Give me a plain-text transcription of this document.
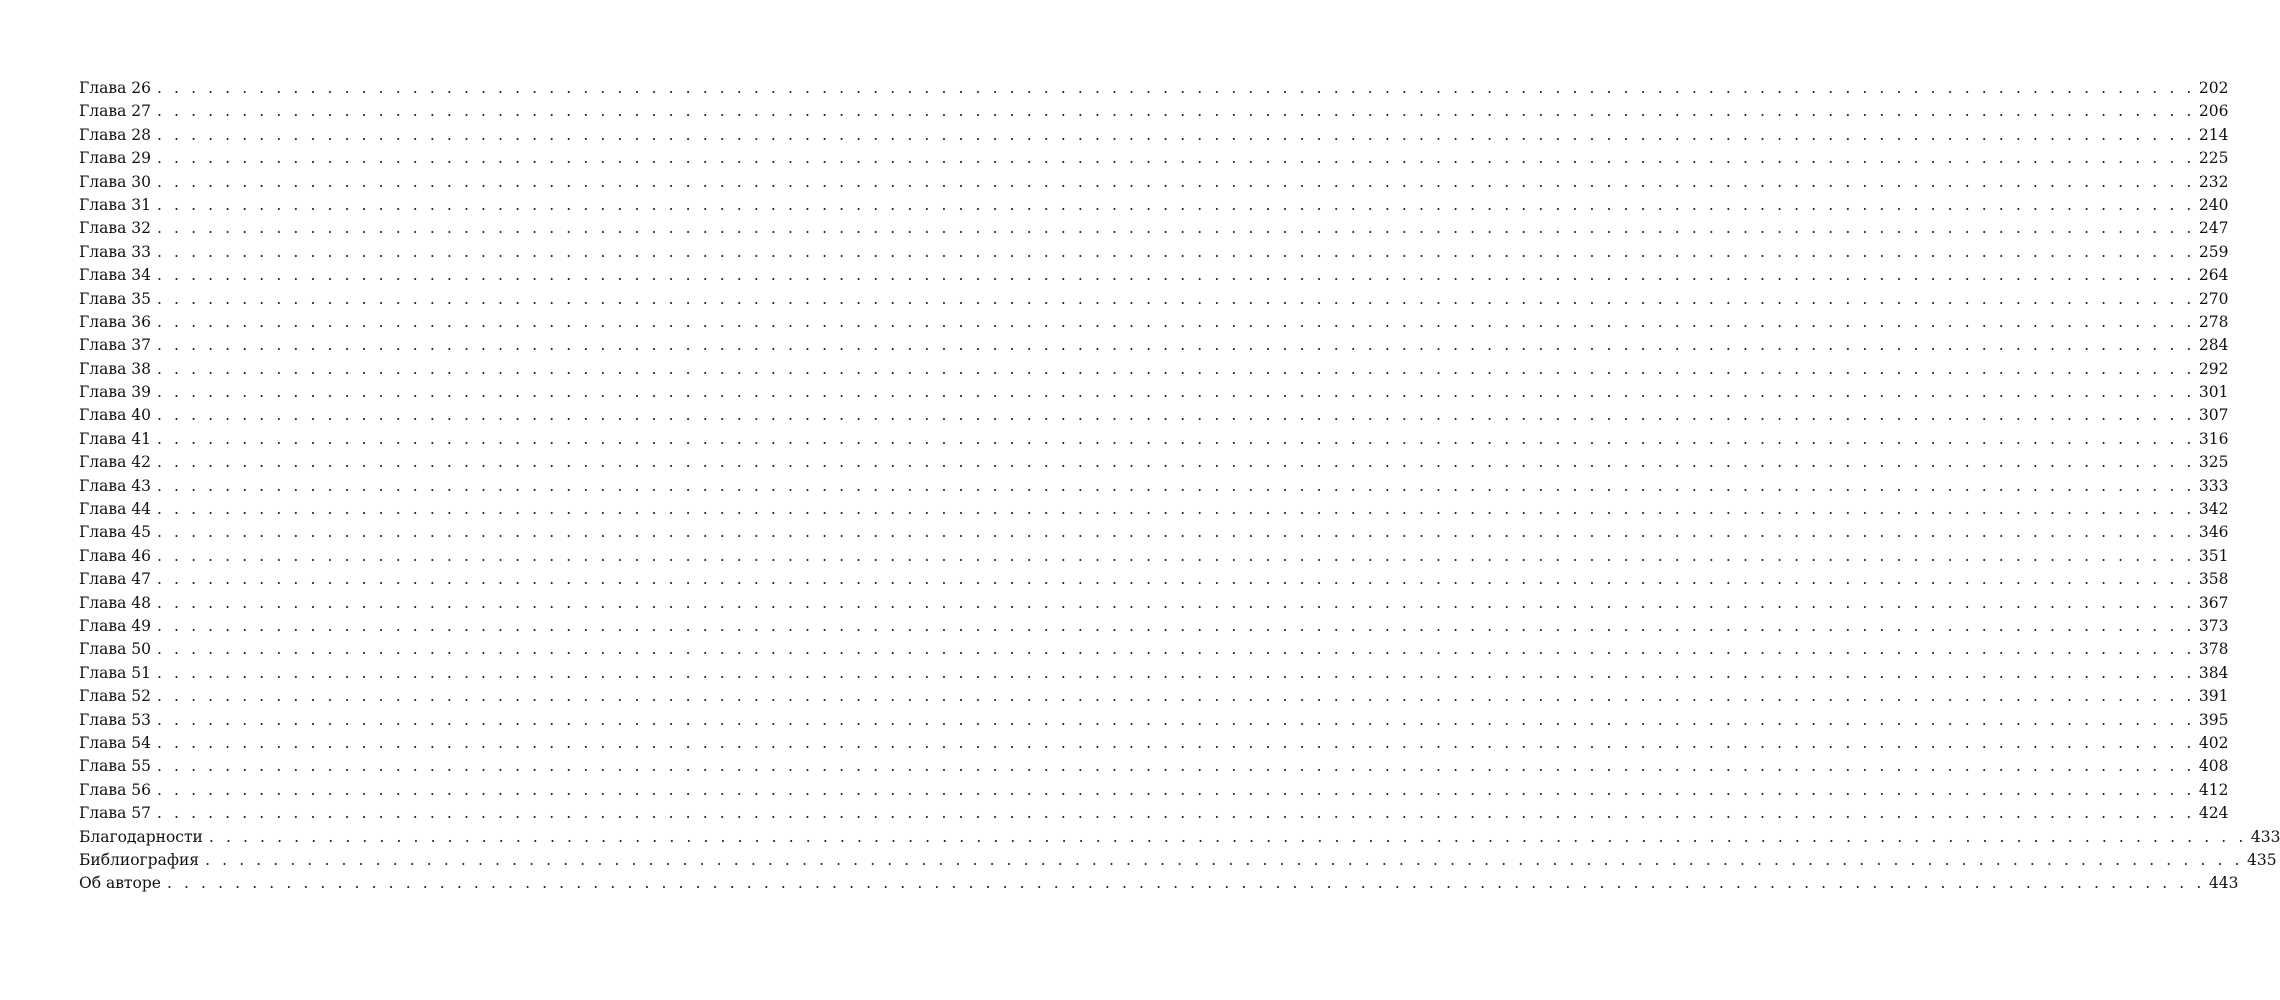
Глава 26 . . . . . . . . . . . . . . . . . . . . . . . . . . . . . . . . . . . . . . . . . . . . . . . . . . . . . . . . . . . . . . . . . . . . . . . . . . . . . . . . . . . . . . . . . . . . . . . . . . . . . . . . . . . . . . . . . . . . . . . . 202
Глава 27 . . . . . . . . . . . . . . . . . . . . . . . . . . . . . . . . . . . . . . . . . . . . . . . . . . . . . . . . . . . . . . . . . . . . . . . . . . . . . . . . . . . . . . . . . . . . . . . . . . . . . . . . . . . . . . . . . . . . . . . . 206
Глава 28 . . . . . . . . . . . . . . . . . . . . . . . . . . . . . . . . . . . . . . . . . . . . . . . . . . . . . . . . . . . . . . . . . . . . . . . . . . . . . . . . . . . . . . . . . . . . . . . . . . . . . . . . . . . . . . . . . . . . . . . . 214
Глава 29 . . . . . . . . . . . . . . . . . . . . . . . . . . . . . . . . . . . . . . . . . . . . . . . . . . . . . . . . . . . . . . . . . . . . . . . . . . . . . . . . . . . . . . . . . . . . . . . . . . . . . . . . . . . . . . . . . . . . . . . . 225
Глава 30 . . . . . . . . . . . . . . . . . . . . . . . . . . . . . . . . . . . . . . . . . . . . . . . . . . . . . . . . . . . . . . . . . . . . . . . . . . . . . . . . . . . . . . . . . . . . . . . . . . . . . . . . . . . . . . . . . . . . . . . . 232
Глава 31 . . . . . . . . . . . . . . . . . . . . . . . . . . . . . . . . . . . . . . . . . . . . . . . . . . . . . . . . . . . . . . . . . . . . . . . . . . . . . . . . . . . . . . . . . . . . . . . . . . . . . . . . . . . . . . . . . . . . . . . . 240
Глава 32 . . . . . . . . . . . . . . . . . . . . . . . . . . . . . . . . . . . . . . . . . . . . . . . . . . . . . . . . . . . . . . . . . . . . . . . . . . . . . . . . . . . . . . . . . . . . . . . . . . . . . . . . . . . . . . . . . . . . . . . . 247
Глава 33 . . . . . . . . . . . . . . . . . . . . . . . . . . . . . . . . . . . . . . . . . . . . . . . . . . . . . . . . . . . . . . . . . . . . . . . . . . . . . . . . . . . . . . . . . . . . . . . . . . . . . . . . . . . . . . . . . . . . . . . . 259
Глава 34 . . . . . . . . . . . . . . . . . . . . . . . . . . . . . . . . . . . . . . . . . . . . . . . . . . . . . . . . . . . . . . . . . . . . . . . . . . . . . . . . . . . . . . . . . . . . . . . . . . . . . . . . . . . . . . . . . . . . . . . . 264
Глава 35 . . . . . . . . . . . . . . . . . . . . . . . . . . . . . . . . . . . . . . . . . . . . . . . . . . . . . . . . . . . . . . . . . . . . . . . . . . . . . . . . . . . . . . . . . . . . . . . . . . . . . . . . . . . . . . . . . . . . . . . . 270
Глава 36 . . . . . . . . . . . . . . . . . . . . . . . . . . . . . . . . . . . . . . . . . . . . . . . . . . . . . . . . . . . . . . . . . . . . . . . . . . . . . . . . . . . . . . . . . . . . . . . . . . . . . . . . . . . . . . . . . . . . . . . . 278
Глава 37 . . . . . . . . . . . . . . . . . . . . . . . . . . . . . . . . . . . . . . . . . . . . . . . . . . . . . . . . . . . . . . . . . . . . . . . . . . . . . . . . . . . . . . . . . . . . . . . . . . . . . . . . . . . . . . . . . . . . . . . . 284
Глава 38 . . . . . . . . . . . . . . . . . . . . . . . . . . . . . . . . . . . . . . . . . . . . . . . . . . . . . . . . . . . . . . . . . . . . . . . . . . . . . . . . . . . . . . . . . . . . . . . . . . . . . . . . . . . . . . . . . . . . . . . . 292
Глава 39 . . . . . . . . . . . . . . . . . . . . . . . . . . . . . . . . . . . . . . . . . . . . . . . . . . . . . . . . . . . . . . . . . . . . . . . . . . . . . . . . . . . . . . . . . . . . . . . . . . . . . . . . . . . . . . . . . . . . . . . . 301
Глава 40 . . . . . . . . . . . . . . . . . . . . . . . . . . . . . . . . . . . . . . . . . . . . . . . . . . . . . . . . . . . . . . . . . . . . . . . . . . . . . . . . . . . . . . . . . . . . . . . . . . . . . . . . . . . . . . . . . . . . . . . . 307
Глава 41 . . . . . . . . . . . . . . . . . . . . . . . . . . . . . . . . . . . . . . . . . . . . . . . . . . . . . . . . . . . . . . . . . . . . . . . . . . . . . . . . . . . . . . . . . . . . . . . . . . . . . . . . . . . . . . . . . . . . . . . . 316
Глава 42 . . . . . . . . . . . . . . . . . . . . . . . . . . . . . . . . . . . . . . . . . . . . . . . . . . . . . . . . . . . . . . . . . . . . . . . . . . . . . . . . . . . . . . . . . . . . . . . . . . . . . . . . . . . . . . . . . . . . . . . . 325
Глава 43 . . . . . . . . . . . . . . . . . . . . . . . . . . . . . . . . . . . . . . . . . . . . . . . . . . . . . . . . . . . . . . . . . . . . . . . . . . . . . . . . . . . . . . . . . . . . . . . . . . . . . . . . . . . . . . . . . . . . . . . . 333
Глава 44 . . . . . . . . . . . . . . . . . . . . . . . . . . . . . . . . . . . . . . . . . . . . . . . . . . . . . . . . . . . . . . . . . . . . . . . . . . . . . . . . . . . . . . . . . . . . . . . . . . . . . . . . . . . . . . . . . . . . . . . . 342
Глава 45 . . . . . . . . . . . . . . . . . . . . . . . . . . . . . . . . . . . . . . . . . . . . . . . . . . . . . . . . . . . . . . . . . . . . . . . . . . . . . . . . . . . . . . . . . . . . . . . . . . . . . . . . . . . . . . . . . . . . . . . . 346
Глава 46 . . . . . . . . . . . . . . . . . . . . . . . . . . . . . . . . . . . . . . . . . . . . . . . . . . . . . . . . . . . . . . . . . . . . . . . . . . . . . . . . . . . . . . . . . . . . . . . . . . . . . . . . . . . . . . . . . . . . . . . . 351
Глава 47 . . . . . . . . . . . . . . . . . . . . . . . . . . . . . . . . . . . . . . . . . . . . . . . . . . . . . . . . . . . . . . . . . . . . . . . . . . . . . . . . . . . . . . . . . . . . . . . . . . . . . . . . . . . . . . . . . . . . . . . . 358
Глава 48 . . . . . . . . . . . . . . . . . . . . . . . . . . . . . . . . . . . . . . . . . . . . . . . . . . . . . . . . . . . . . . . . . . . . . . . . . . . . . . . . . . . . . . . . . . . . . . . . . . . . . . . . . . . . . . . . . . . . . . . . 367
Глава 49 . . . . . . . . . . . . . . . . . . . . . . . . . . . . . . . . . . . . . . . . . . . . . . . . . . . . . . . . . . . . . . . . . . . . . . . . . . . . . . . . . . . . . . . . . . . . . . . . . . . . . . . . . . . . . . . . . . . . . . . . 373
Глава 50 . . . . . . . . . . . . . . . . . . . . . . . . . . . . . . . . . . . . . . . . . . . . . . . . . . . . . . . . . . . . . . . . . . . . . . . . . . . . . . . . . . . . . . . . . . . . . . . . . . . . . . . . . . . . . . . . . . . . . . . . 378
Глава 51 . . . . . . . . . . . . . . . . . . . . . . . . . . . . . . . . . . . . . . . . . . . . . . . . . . . . . . . . . . . . . . . . . . . . . . . . . . . . . . . . . . . . . . . . . . . . . . . . . . . . . . . . . . . . . . . . . . . . . . . . 384
Глава 52 . . . . . . . . . . . . . . . . . . . . . . . . . . . . . . . . . . . . . . . . . . . . . . . . . . . . . . . . . . . . . . . . . . . . . . . . . . . . . . . . . . . . . . . . . . . . . . . . . . . . . . . . . . . . . . . . . . . . . . . . 391
Глава 53 . . . . . . . . . . . . . . . . . . . . . . . . . . . . . . . . . . . . . . . . . . . . . . . . . . . . . . . . . . . . . . . . . . . . . . . . . . . . . . . . . . . . . . . . . . . . . . . . . . . . . . . . . . . . . . . . . . . . . . . . 395
Глава 54 . . . . . . . . . . . . . . . . . . . . . . . . . . . . . . . . . . . . . . . . . . . . . . . . . . . . . . . . . . . . . . . . . . . . . . . . . . . . . . . . . . . . . . . . . . . . . . . . . . . . . . . . . . . . . . . . . . . . . . . . 402
Глава 55 . . . . . . . . . . . . . . . . . . . . . . . . . . . . . . . . . . . . . . . . . . . . . . . . . . . . . . . . . . . . . . . . . . . . . . . . . . . . . . . . . . . . . . . . . . . . . . . . . . . . . . . . . . . . . . . . . . . . . . . . 408
Глава 56 . . . . . . . . . . . . . . . . . . . . . . . . . . . . . . . . . . . . . . . . . . . . . . . . . . . . . . . . . . . . . . . . . . . . . . . . . . . . . . . . . . . . . . . . . . . . . . . . . . . . . . . . . . . . . . . . . . . . . . . . 412
Глава 57 . . . . . . . . . . . . . . . . . . . . . . . . . . . . . . . . . . . . . . . . . . . . . . . . . . . . . . . . . . . . . . . . . . . . . . . . . . . . . . . . . . . . . . . . . . . . . . . . . . . . . . . . . . . . . . . . . . . . . . . . 424
Благодарности . . . . . . . . . . . . . . . . . . . . . . . . . . . . . . . . . . . . . . . . . . . . . . . . . . . . . . . . . . . . . . . . . . . . . . . . . . . . . . . . . . . . . . . . . . . . . . . . . . . . . . . . . . . . . . . . . . . . . . . . 433
Библиография . . . . . . . . . . . . . . . . . . . . . . . . . . . . . . . . . . . . . . . . . . . . . . . . . . . . . . . . . . . . . . . . . . . . . . . . . . . . . . . . . . . . . . . . . . . . . . . . . . . . . . . . . . . . . . . . . . . . . . . . 435
Об авторе . . . . . . . . . . . . . . . . . . . . . . . . . . . . . . . . . . . . . . . . . . . . . . . . . . . . . . . . . . . . . . . . . . . . . . . . . . . . . . . . . . . . . . . . . . . . . . . . . . . . . . . . . . . . . . . . . . . . . . . . 443
